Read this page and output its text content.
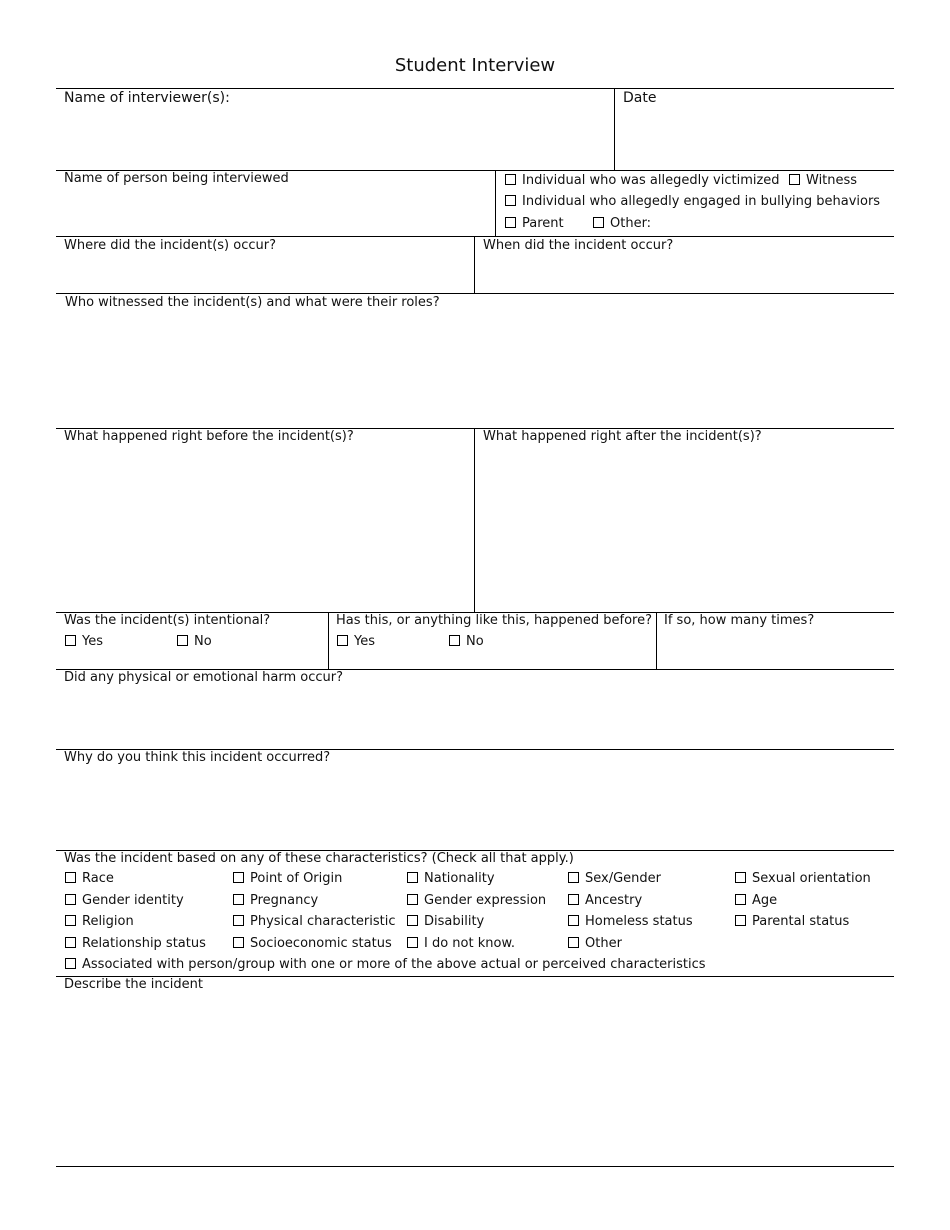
Student Interview
Name of interviewer(s):	Date
Name of person being interviewed	Individual who was allegedly victimized	Witness
Individual who allegedly engaged in bullying behaviors
Parent	Other:
Where did the incident(s) occur?	When did the incident occur?
Who witnessed the incident(s) and what were their roles?
What happened right before the incident(s)?	What happened right after the incident(s)?
Was the incident(s) intentional?
Yes	No
Has this, or anything like this, happened before?
Yes	No
If so, how many times?
Did any physical or emotional harm occur?
Why do you think this incident occurred?
Was the incident based on any of these characteristics? (Check all that apply.)
Race	Point of Origin	Nationality	Sex/Gender	Sexual orientation
Gender identity	Pregnancy	Gender expression	Ancestry	Age
Religion	Physical characteristic	Disability	Homeless status	Parental status
Relationship status	Socioeconomic status	I do not know.	Other
Associated with person/group with one or more of the above actual or perceived characteristics
Describe the incident
